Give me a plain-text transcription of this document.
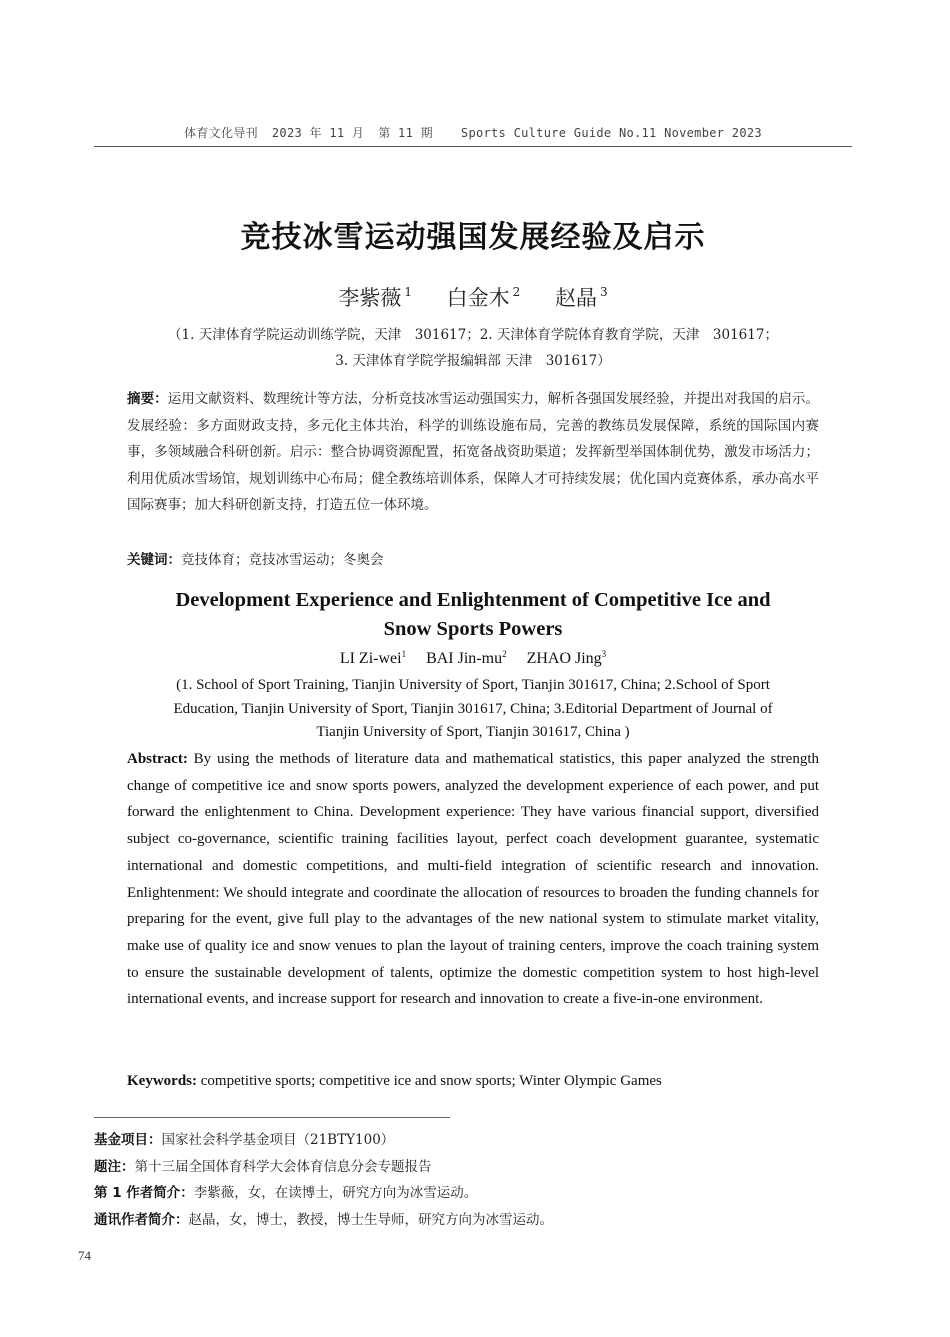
体育文化导刊 2023 年 11 月 第 11 期 Sports Culture Guide No.11 November 2023
竞技冰雪运动强国发展经验及启示
李紫薇 $^1$ 白金木 $^2$ 赵晶 $^3$
（1. 天津体育学院运动训练学院，天津　301617；2. 天津体育学院体育教育学院，天津　301617；
3. 天津体育学院学报编辑部 天津　301617）
摘要：运用文献资料、数理统计等方法，分析竞技冰雪运动强国实力，解析各强国发展经验，并提出对我国的启示。发展经验：多方面财政支持，多元化主体共治，科学的训练设施布局，完善的教练员发展保障，系统的国际国内赛事，多领域融合科研创新。启示：整合协调资源配置，拓宽备战资助渠道；发挥新型举国体制优势，激发市场活力；利用优质冰雪场馆，规划训练中心布局；健全教练培训体系，保障人才可持续发展；优化国内竞赛体系，承办高水平国际赛事；加大科研创新支持，打造五位一体环境。
关键词：竞技体育；竞技冰雪运动；冬奥会
Development Experience and Enlightenment of Competitive Ice and
Snow Sports Powers
LI Zi-wei$^1$ BAI Jin-$mu^2$ ZHAO Jing$^3$
(1. School of Sport Training, Tianjin University of Sport, Tianjin 301617, China; 2.School of Sport
Education, Tianjin University of Sport, Tianjin 301617, China; 3.Editorial Department of Journal of
Tianjin University of Sport, Tianjin 301617, China )
Abstract: By using the methods of literature data and mathematical statistics, this paper analyzed the strength change of competitive ice and snow sports powers, analyzed the development experience of each power, and put forward the enlightenment to China. Development experience: They have various financial support, diversified subject co-governance, scientific training facilities layout, perfect coach development guarantee, systematic international and domestic competitions, and multi-field integration of scientific research and innovation. Enlightenment: We should integrate and coordinate the allocation of resources to broaden the funding channels for preparing for the event, give full play to the advantages of the new national system to stimulate market vitality, make use of quality ice and snow venues to plan the layout of training centers, improve the coach training system to ensure the sustainable development of talents, optimize the domestic competition system to host high-level international events, and increase support for research and innovation to create a five-in-one environment.
Keywords: competitive sports; competitive ice and snow sports; Winter Olympic Games
基金项目：国家社会科学基金项目（21BTY100）
题注：第十三届全国体育科学大会体育信息分会专题报告
第 1 作者简介：李紫薇，女，在读博士，研究方向为冰雪运动。
通讯作者简介：赵晶，女，博士，教授，博士生导师，研究方向为冰雪运动。
74
